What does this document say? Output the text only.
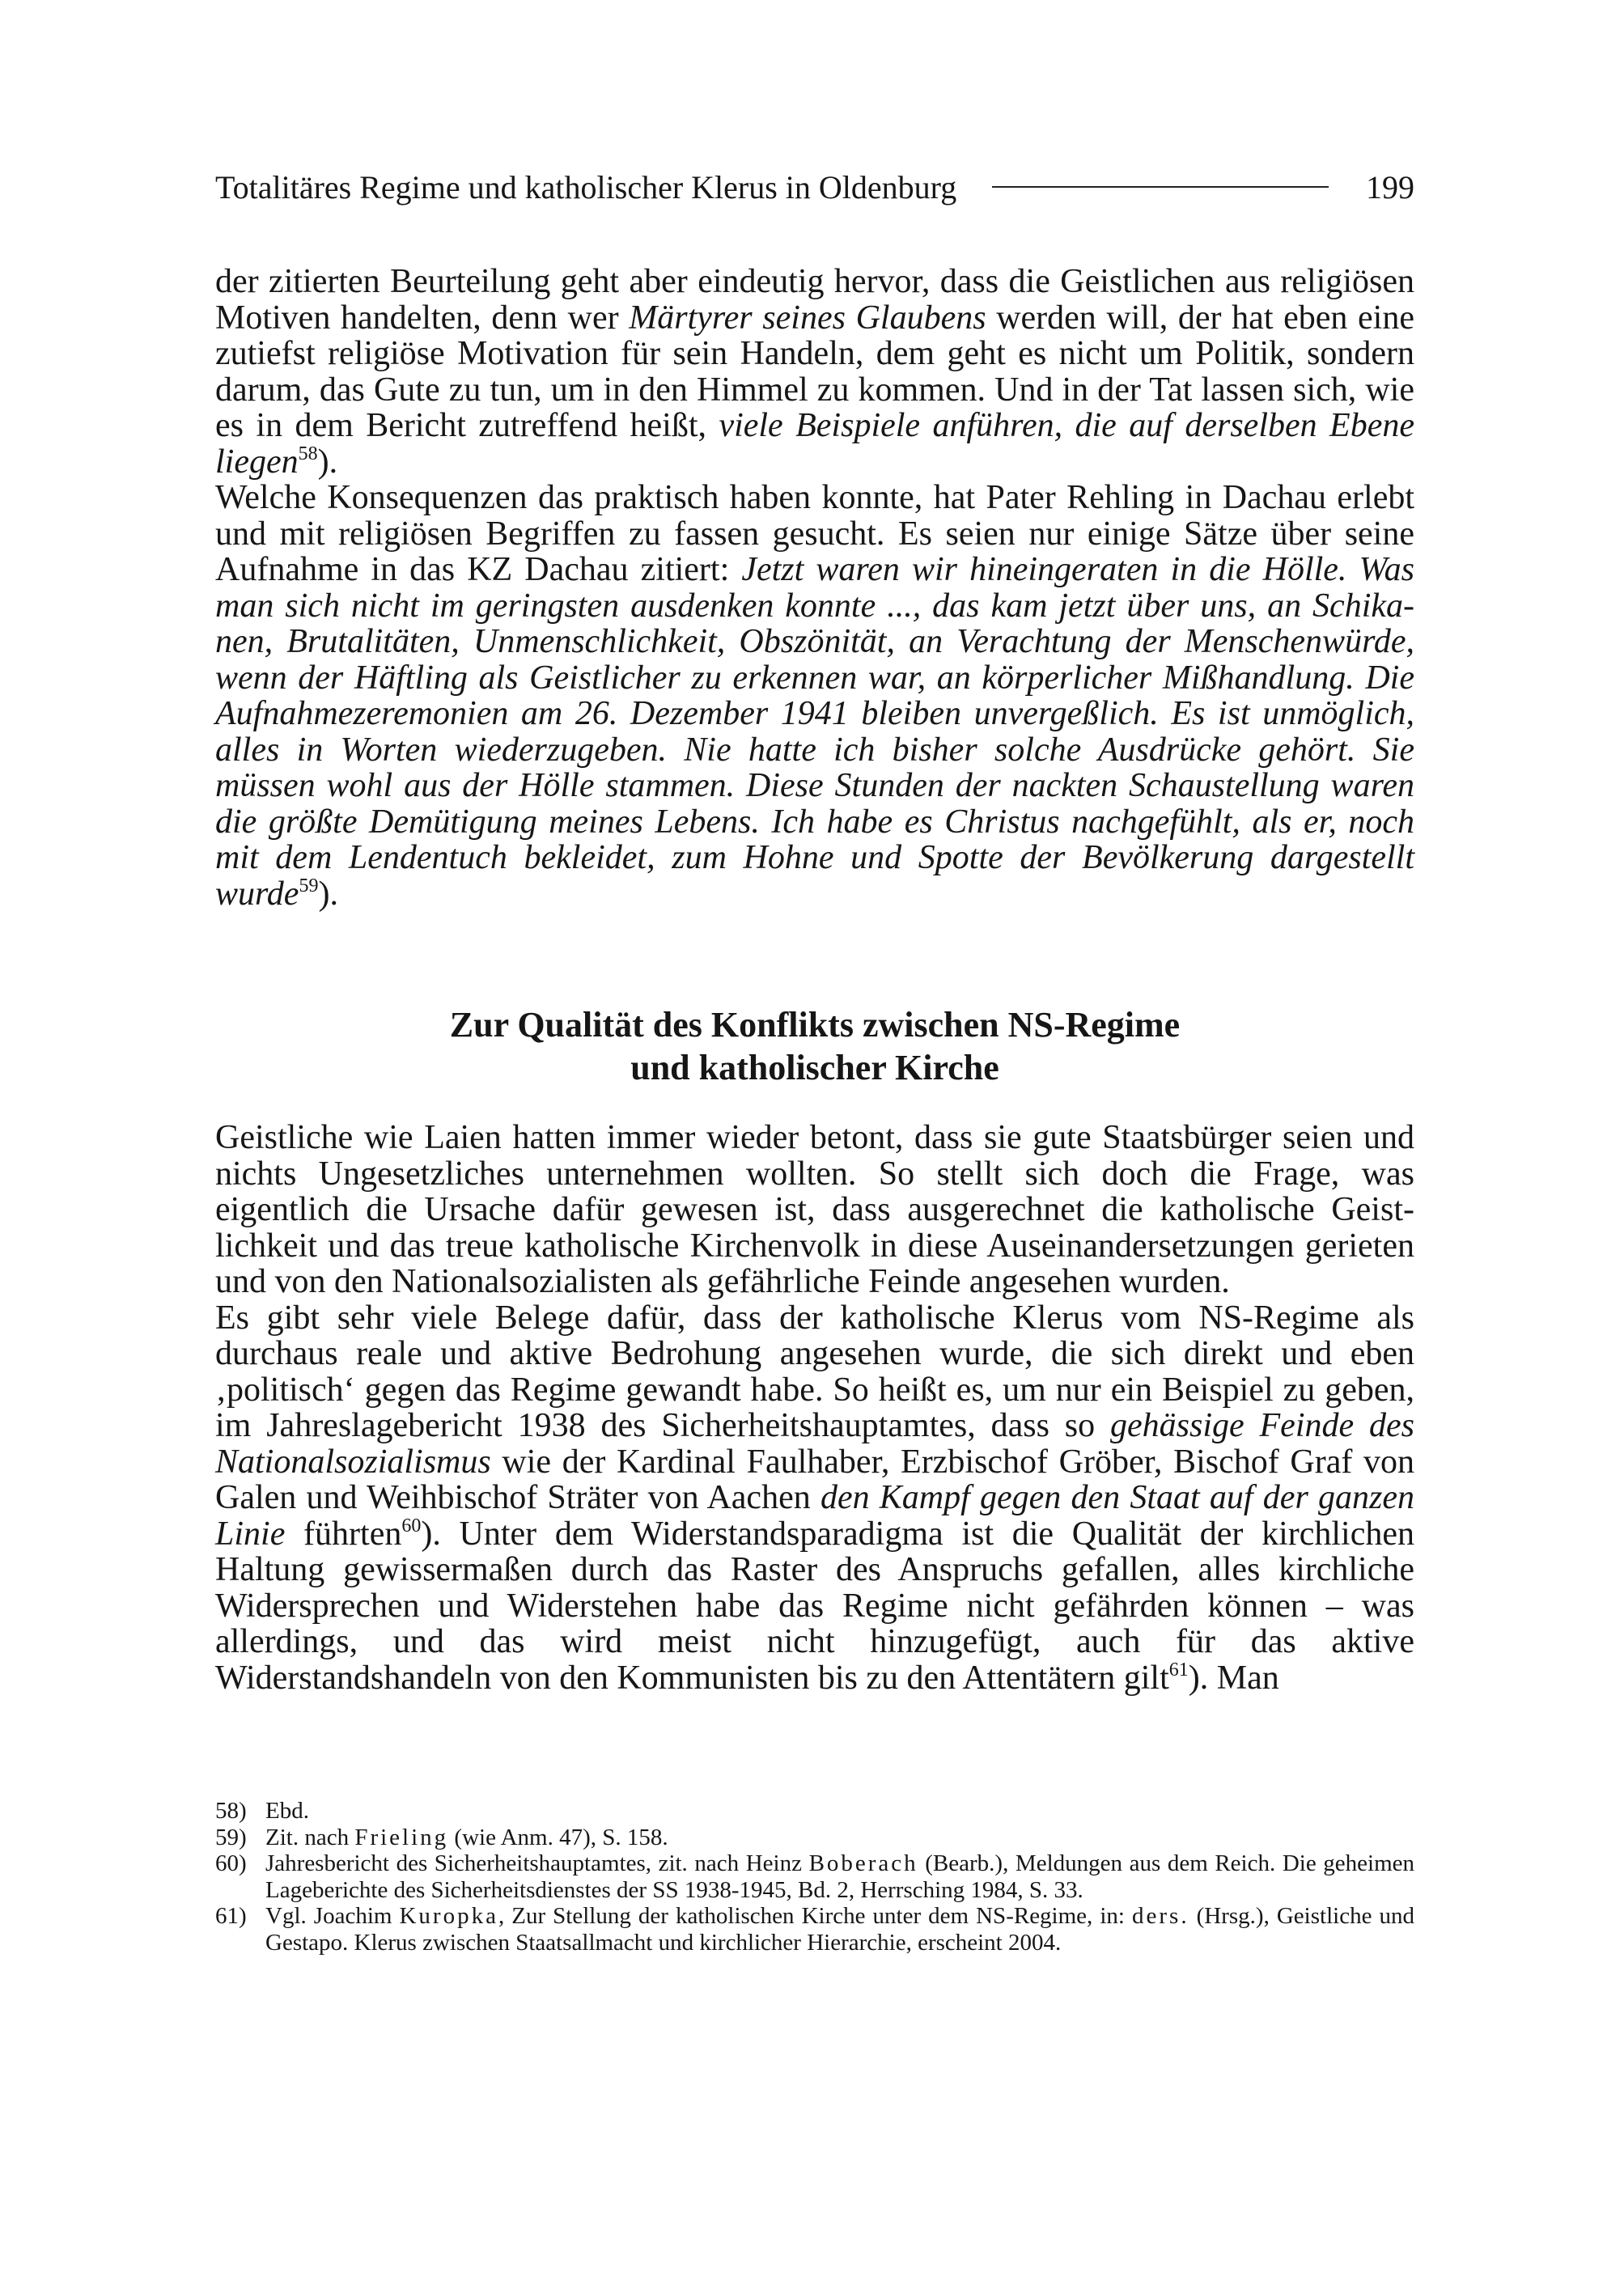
Totalitäres Regime und katholischer Klerus in Oldenburg	199

der zitierten Beurteilung geht aber eindeutig hervor, dass die Geistlichen aus religiösen Motiven handelten, denn wer Märtyrer seines Glaubens werden will, der hat eben eine zutiefst religiöse Motivation für sein Handeln, dem geht es nicht um Politik, sondern darum, das Gute zu tun, um in den Himmel zu kommen. Und in der Tat lassen sich, wie es in dem Bericht zutreffend heißt, viele Beispiele anführen, die auf derselben Ebene liegen$^{58}$).

Welche Konsequenzen das praktisch haben konnte, hat Pater Rehling in Dachau erlebt und mit religiösen Begriffen zu fassen gesucht. Es seien nur einige Sätze über seine Aufnahme in das KZ Dachau zitiert: Jetzt waren wir hineingeraten in die Hölle. Was man sich nicht im geringsten ausdenken konnte ..., das kam jetzt über uns, an Schikanen, Brutalitäten, Unmenschlichkeit, Obszönität, an Verachtung der Menschenwürde, wenn der Häftling als Geistlicher zu erkennen war, an körperlicher Mißhandlung. Die Aufnahmezeremonien am 26. Dezember 1941 bleiben unvergeßlich. Es ist unmöglich, alles in Worten wiederzugeben. Nie hatte ich bisher solche Ausdrücke gehört. Sie müssen wohl aus der Hölle stammen. Diese Stunden der nackten Schaustellung waren die größte Demütigung meines Lebens. Ich habe es Christus nachgefühlt, als er, noch mit dem Lendentuch bekleidet, zum Hohne und Spotte der Bevölkerung dargestellt wurde$^{59}$).

Zur Qualität des Konflikts zwischen NS-Regime
und katholischer Kirche

Geistliche wie Laien hatten immer wieder betont, dass sie gute Staatsbürger seien und nichts Ungesetzliches unternehmen wollten. So stellt sich doch die Frage, was eigentlich die Ursache dafür gewesen ist, dass ausgerechnet die katholische Geistlichkeit und das treue katholische Kirchenvolk in diese Auseinandersetzungen gerieten und von den Nationalsozialisten als gefährliche Feinde angesehen wurden.

Es gibt sehr viele Belege dafür, dass der katholische Klerus vom NS-Regime als durchaus reale und aktive Bedrohung angesehen wurde, die sich direkt und eben ‚politisch‘ gegen das Regime gewandt habe. So heißt es, um nur ein Beispiel zu geben, im Jahreslagebericht 1938 des Sicherheitshauptamtes, dass so gehässige Feinde des Nationalsozialismus wie der Kardinal Faulhaber, Erzbischof Gröber, Bischof Graf von Galen und Weihbischof Sträter von Aachen den Kampf gegen den Staat auf der ganzen Linie führten$^{60}$). Unter dem Widerstandsparadigma ist die Qualität der kirchlichen Haltung gewissermaßen durch das Raster des Anspruchs gefallen, alles kirchliche Widersprechen und Widerstehen habe das Regime nicht gefährden können – was allerdings, und das wird meist nicht hinzugefügt, auch für das aktive Widerstandshandeln von den Kommunisten bis zu den Attentätern gilt$^{61}$). Man

58) Ebd.
59) Zit. nach Frieling (wie Anm. 47), S. 158.
60) Jahresbericht des Sicherheitshauptamtes, zit. nach Heinz Boberach (Bearb.), Meldungen aus dem Reich. Die geheimen Lageberichte des Sicherheitsdienstes der SS 1938-1945, Bd. 2, Herrsching 1984, S. 33.
61) Vgl. Joachim Kuropka, Zur Stellung der katholischen Kirche unter dem NS-Regime, in: ders. (Hrsg.), Geistliche und Gestapo. Klerus zwischen Staatsallmacht und kirchlicher Hierarchie, erscheint 2004.
